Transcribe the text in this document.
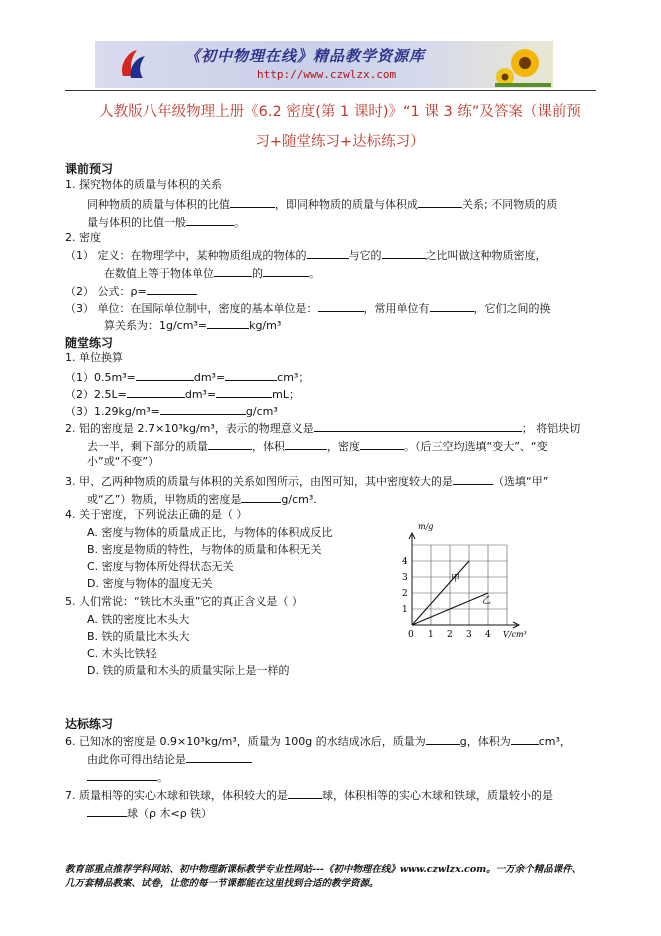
《初中物理在线》精品教学资源库
http://www.czwlzx.com
人教版八年级物理上册《6.2 密度(第 1 课时)》“1 课 3 练”及答案（课前预
习+随堂练习+达标练习）
课前预习
1. 探究物体的质量与体积的关系
同种物质的质量与体积的比值	，即同种物质的质量与体积成	关系; 不同物质的质
量与体积的比值一般	。
2. 密度
（1） 定义：在物理学中，某种物质组成的物体的	与它的	之比叫做这种物质密度，
在数值上等于物体单位	的	。
（2） 公式：ρ=
（3） 单位：在国际单位制中，密度的基本单位是：	，常用单位有	，它们之间的换
算关系为：1g/cm³=	kg/m³
随堂练习
1. 单位换算
（1）0.5m³=	dm³=	cm³；
（2）2.5L=	dm³=	mL；
（3）1.29kg/m³=	g/cm³
2. 铝的密度是 2.7×10³kg/m³，表示的物理意义是	； 将铝块切
去一半，剩下部分的质量	，体积	，密度	。（后三空均选填“变大”、“变
小”或“不变”）
3. 甲、乙两种物质的质量与体积的关系如图所示，由图可知，其中密度较大的是	（选填“甲”
或“乙”）物质，甲物质的密度是	g/cm³.
4. 关于密度，下列说法正确的是（ ）
A. 密度与物体的质量成正比，与物体的体积成反比
B. 密度是物质的特性，与物体的质量和体积无关
C. 密度与物体所处得状态无关
D. 密度与物体的温度无关
5. 人们常说：“铁比木头重”它的真正含义是（ ）
A. 铁的密度比木头大
B. 铁的质量比木头大
C. 木头比铁轻
D. 铁的质量和木头的质量实际上是一样的
0 1 2 3 4
1
2
3
4
m/g
V/cm³
甲
乙
达标练习
6. 已知冰的密度是 0.9×10³kg/m³，质量为 100g 的水结成冰后，质量为	g，体积为	cm³，
由此你可得出结论是
。
7. 质量相等的实心木球和铁球，体积较大的是	球，体积相等的实心木球和铁球，质量较小的是
球（ρ 木<ρ 铁）
教育部重点推荐学科网站、初中物理新课标教学专业性网站---《初中物理在线》www.czwlzx.com。一万余个精品课件、
几万套精品教案、试卷，让您的每一节课都能在这里找到合适的教学资源。
